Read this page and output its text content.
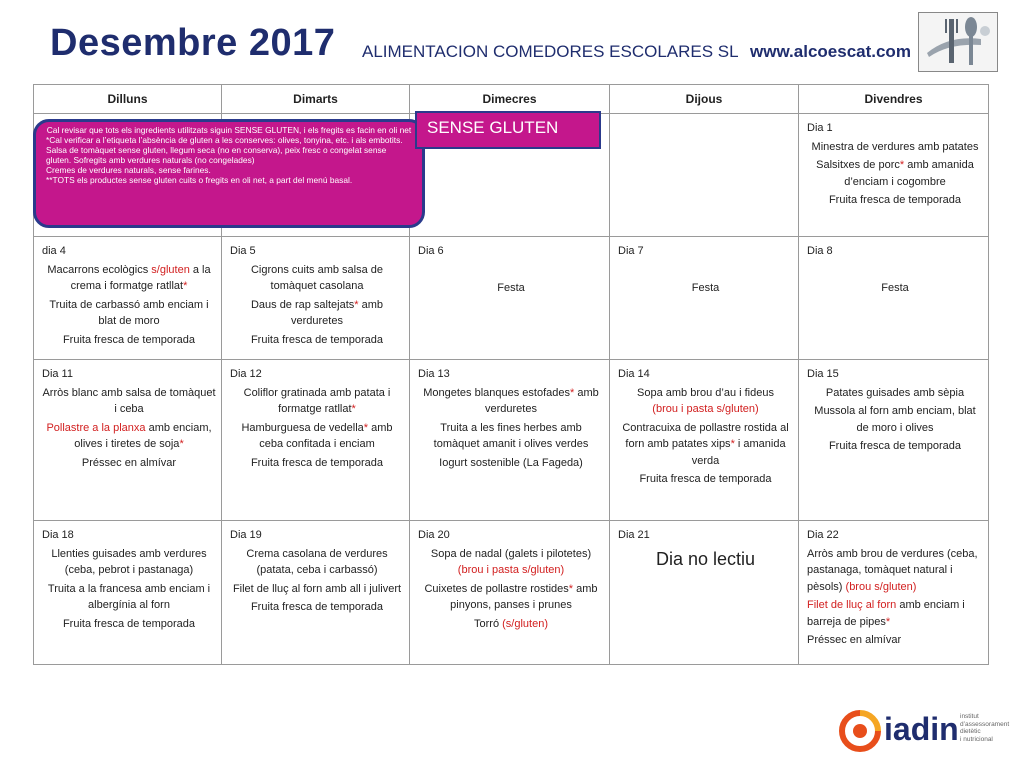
Desembre 2017 ALIMENTACION COMEDORES ESCOLARES SL www.alcoescat.com
Dilluns	Dimarts	Dimecres	Dijous	Divendres

				Dia 1
Minestra de verdures amb patates
Salsitxes de porc* amb amanida d’enciam i cogombre
Fruita fresca de temporada

dia 4
Macarrons ecològics s/gluten a la crema i formatge ratllat*
Truita de carbassó amb enciam i blat de moro
Fruita fresca de temporada	Dia 5
Cigrons cuits amb salsa de tomàquet casolana
Daus de rap saltejats* amb verduretes
Fruita fresca de temporada	Dia 6
Festa	Dia 7
Festa	Dia 8
Festa

Dia 11
Arròs blanc amb salsa de tomàquet i ceba
Pollastre a la planxa amb enciam, olives i tiretes de soja*
Préssec en almívar	Dia 12
Coliflor gratinada amb patata i formatge ratllat*
Hamburguesa de vedella* amb ceba confitada i enciam
Fruita fresca de temporada	Dia 13
Mongetes blanques estofades* amb verduretes
Truita a les fines herbes amb tomàquet amanit i olives verdes
Iogurt sostenible (La Fageda)	Dia 14
Sopa amb brou d’au i fideus
(brou i pasta s/gluten)
Contracuixa de pollastre rostida al forn amb patates xips* i amanida verda
Fruita fresca de temporada	Dia 15
Patates guisades amb sèpia
Mussola al forn amb enciam, blat de moro i olives
Fruita fresca de temporada

Dia 18
Llenties guisades amb verdures (ceba, pebrot i pastanaga)
Truita a la francesa amb enciam i albergínia al forn
Fruita fresca de temporada	Dia 19
Crema casolana de verdures (patata, ceba i carbassó)
Filet de lluç al forn amb all i julivert
Fruita fresca de temporada	Dia 20
Sopa de nadal (galets i pilotetes)
(brou i pasta s/gluten)
Cuixetes de pollastre rostides* amb pinyons, panses i prunes
Torró (s/gluten)	Dia 21
Dia no lectiu	Dia 22
Arròs amb brou de verdures (ceba, pastanaga, tomàquet natural i pèsols) (brou s/gluten)
Filet de lluç al forn amb enciam i barreja de pipes*
Préssec en almívar
Cal revisar que tots els ingredients utilitzats siguin SENSE GLUTEN, i els fregits es facin en oli net
*Cal verificar a l’etiqueta l’absència de gluten a les conserves: olives, tonyina, etc. i als embotits.
Salsa de tomàquet sense gluten, llegum seca (no en conserva), peix fresc o congelat sense gluten. Sofregits amb verdures naturals (no congelades)
Cremes de verdures naturals, sense farines.
**TOTS els productes sense gluten cuits o fregits en oli net, a part del menú basal.
SENSE GLUTEN
iadin institut
d’assessorament
dietètic
i nutricional
